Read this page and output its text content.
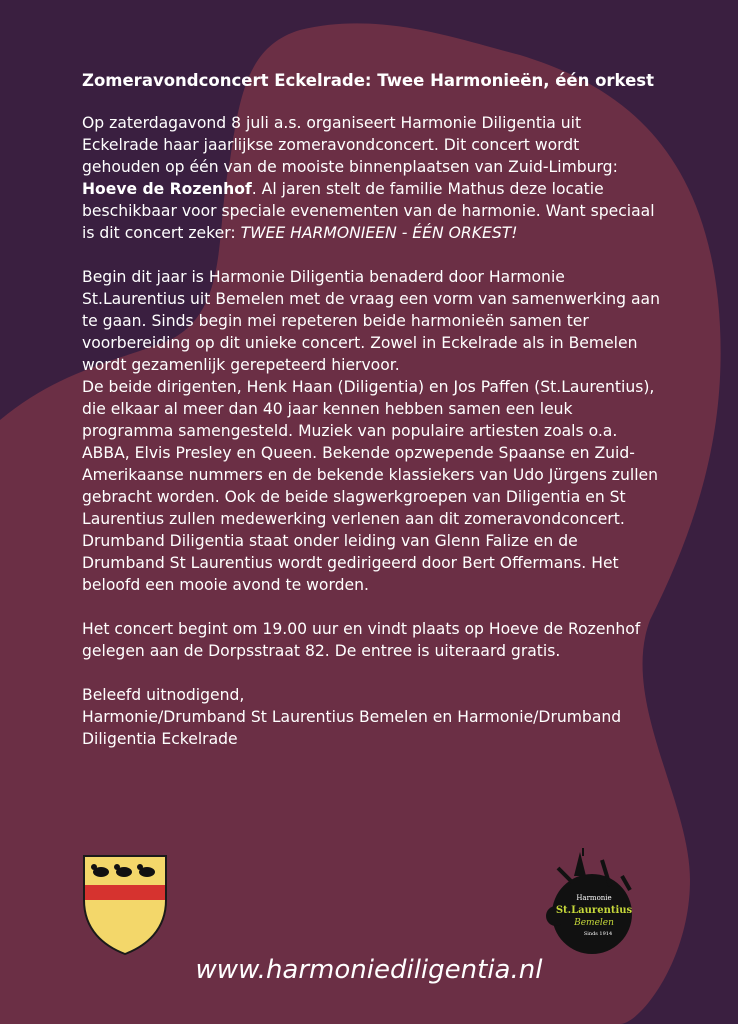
Zomeravondconcert Eckelrade: Twee Harmonieën, één orkest

Op zaterdagavond 8 juli a.s. organiseert Harmonie Diligentia uit Eckelrade haar jaarlijkse zomeravondconcert. Dit concert wordt gehouden op één van de mooiste binnenplaatsen van Zuid-Limburg: Hoeve de Rozenhof. Al jaren stelt de familie Mathus deze locatie beschikbaar voor speciale evenementen van de harmonie. Want speciaal is dit concert zeker: TWEE HARMONIEEN - ÉÉN ORKEST!

Begin dit jaar is Harmonie Diligentia benaderd door Harmonie St.Laurentius uit Bemelen met de vraag een vorm van samenwerking aan te gaan. Sinds begin mei repeteren beide harmonieën samen ter voorbereiding op dit unieke concert. Zowel in Eckelrade als in Bemelen wordt gezamenlijk gerepeteerd hiervoor.

De beide dirigenten, Henk Haan (Diligentia) en Jos Paffen (St.Laurentius), die elkaar al meer dan 40 jaar kennen hebben samen een leuk programma samengesteld. Muziek van populaire artiesten zoals o.a. ABBA, Elvis Presley en Queen. Bekende opzwepende Spaanse en Zuid-Amerikaanse nummers en de bekende klassiekers van Udo Jürgens zullen gebracht worden. Ook de beide slagwerkgroepen van Diligentia en St Laurentius zullen medewerking verlenen aan dit zomeravondconcert. Drumband Diligentia staat onder leiding van Glenn Falize en de Drumband St Laurentius wordt gedirigeerd door Bert Offermans. Het beloofd een mooie avond te worden.

Het concert begint om 19.00 uur en vindt plaats op Hoeve de Rozenhof gelegen aan de Dorpsstraat 82. De entree is uiteraard gratis.

Beleefd uitnodigend,
Harmonie/Drumband St Laurentius Bemelen en Harmonie/Drumband Diligentia Eckelrade

Harmonie
St.Laurentius
Bemelen
Sinds 1914
www.harmoniediligentia.nl
